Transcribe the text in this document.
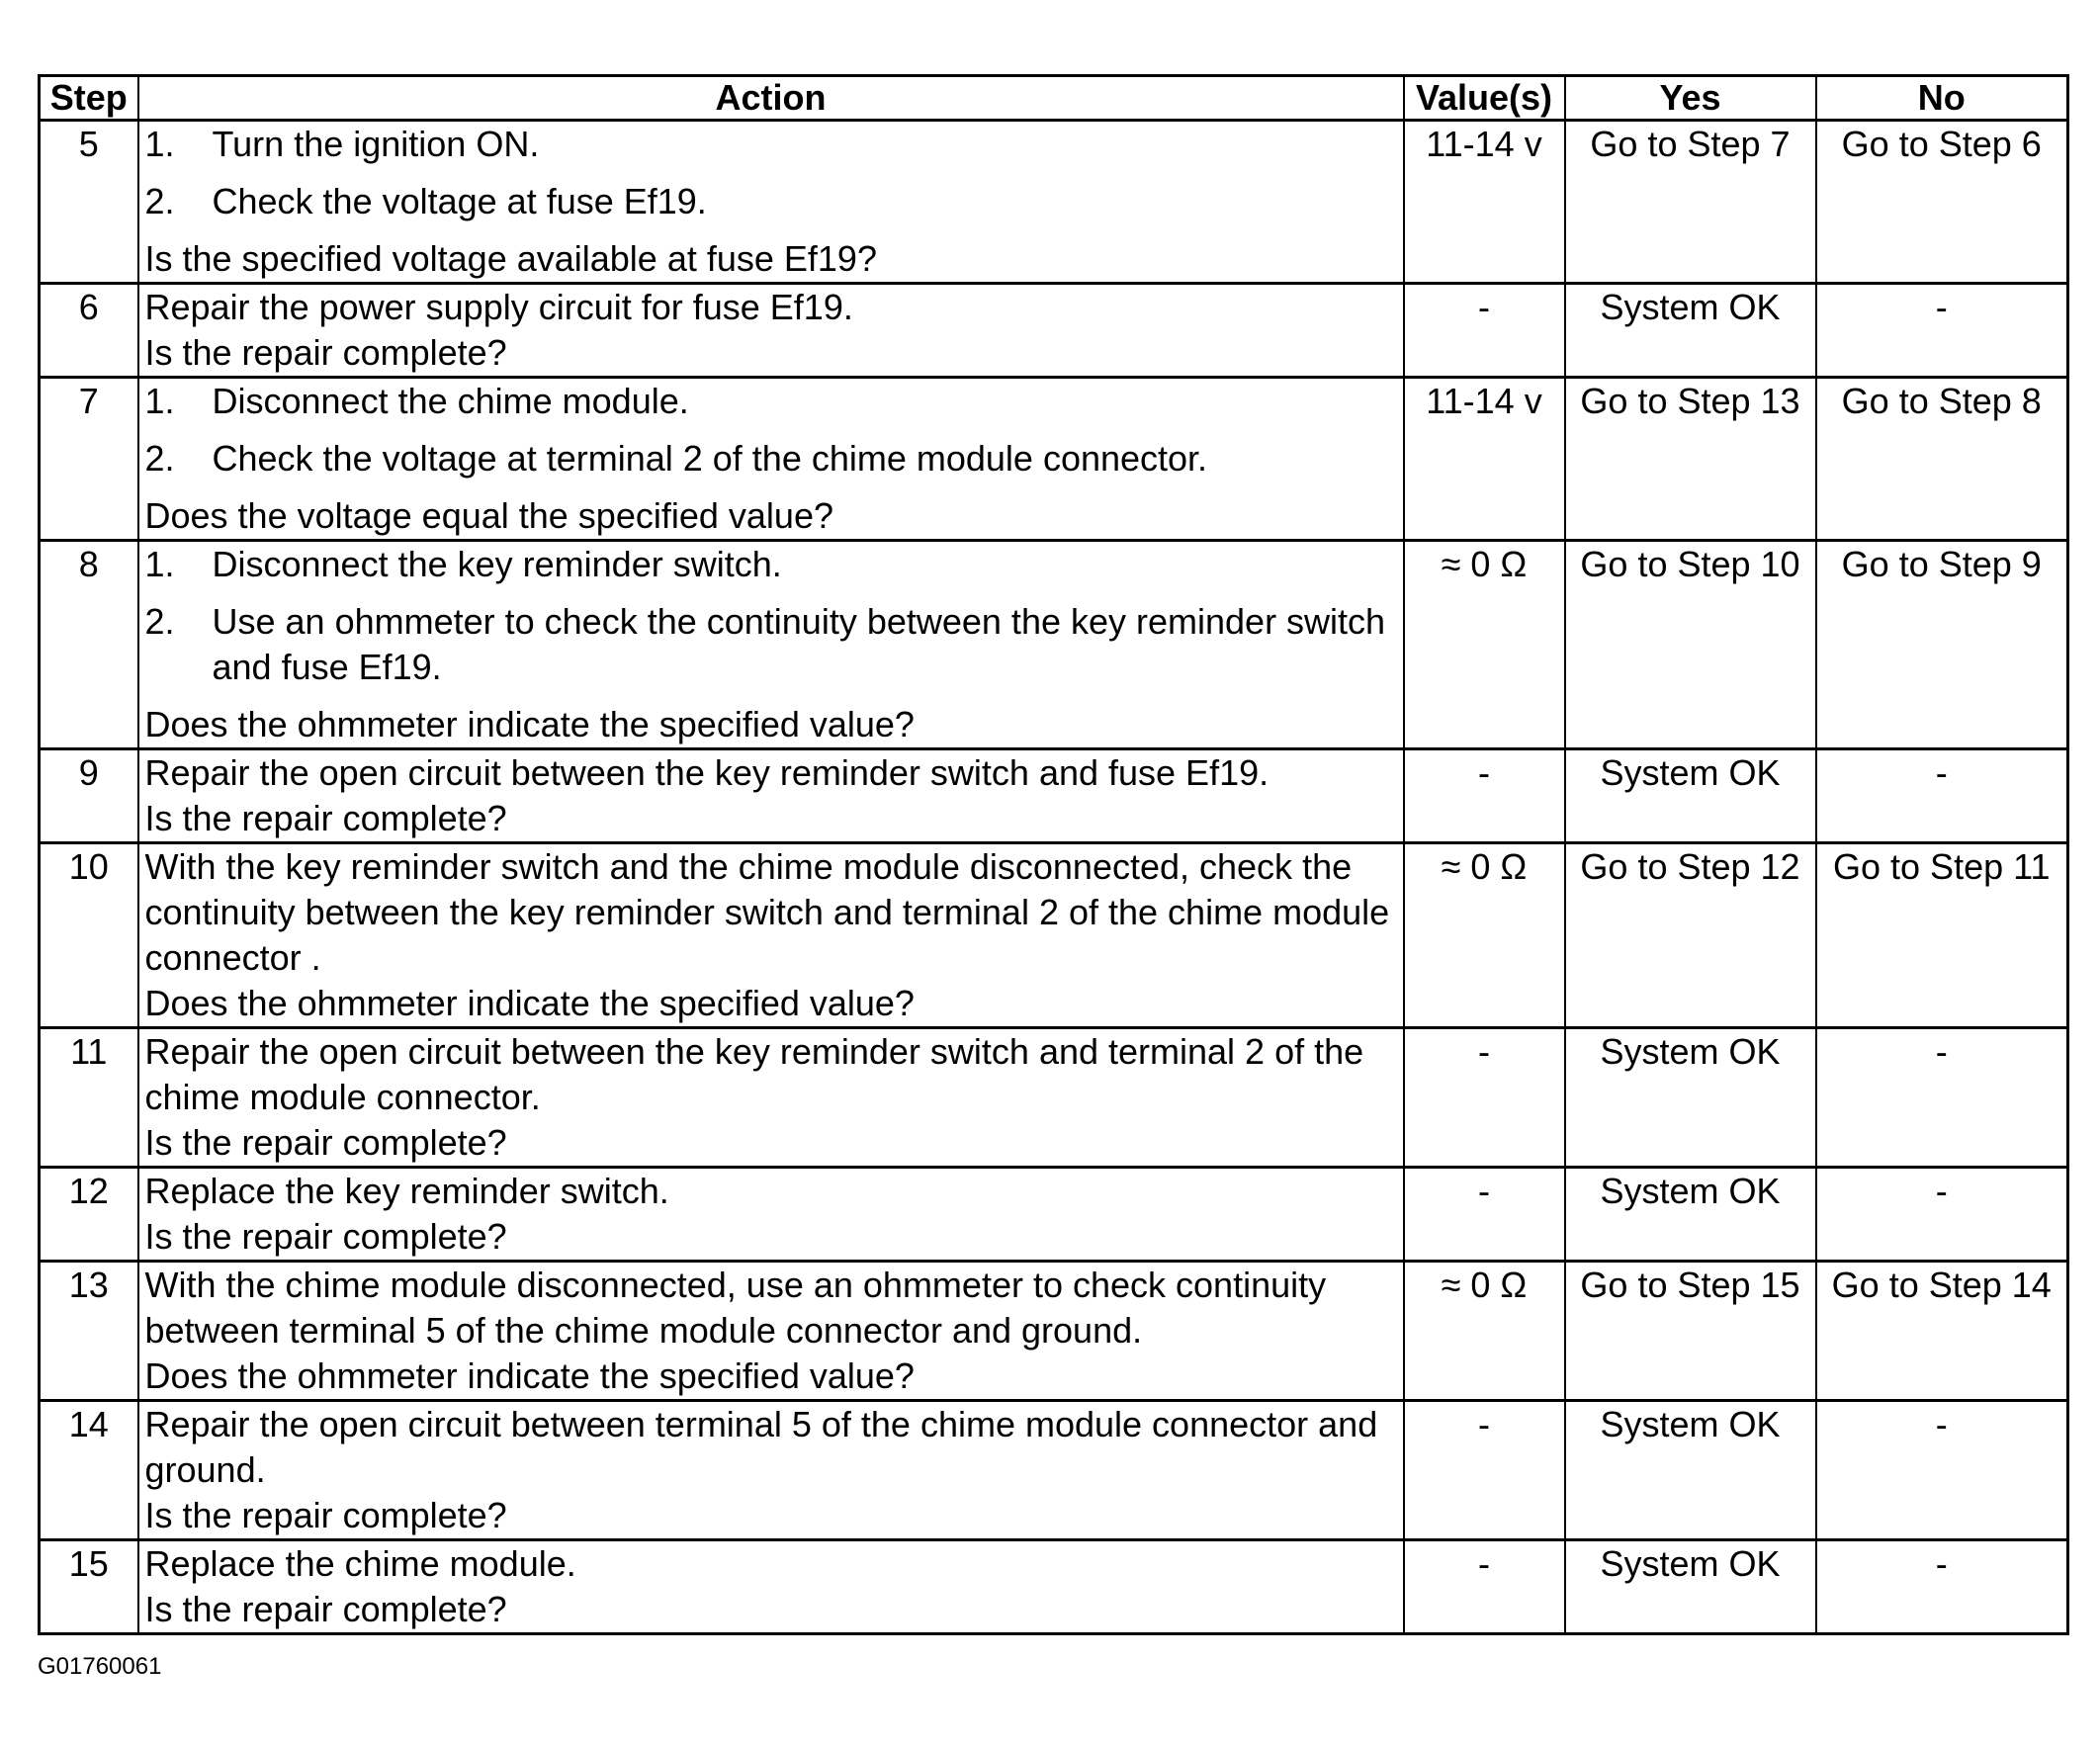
Step	Action	Value(s)	Yes	No
5	1. Turn the ignition ON.
2. Check the voltage at fuse Ef19.
Is the specified voltage available at fuse Ef19?	11-14 v	Go to Step 7	Go to Step 6
6	Repair the power supply circuit for fuse Ef19.
Is the repair complete?	-	System OK	-
7	1. Disconnect the chime module.
2. Check the voltage at terminal 2 of the chime module connector.
Does the voltage equal the specified value?	11-14 v	Go to Step 13	Go to Step 8
8	1. Disconnect the key reminder switch.
2. Use an ohmmeter to check the continuity between the key reminder switch and fuse Ef19.
Does the ohmmeter indicate the specified value?	≈ 0 Ω	Go to Step 10	Go to Step 9
9	Repair the open circuit between the key reminder switch and fuse Ef19.
Is the repair complete?	-	System OK	-
10	With the key reminder switch and the chime module disconnected, check the continuity between the key reminder switch and terminal 2 of the chime module connector .
Does the ohmmeter indicate the specified value?	≈ 0 Ω	Go to Step 12	Go to Step 11
11	Repair the open circuit between the key reminder switch and terminal 2 of the chime module connector.
Is the repair complete?	-	System OK	-
12	Replace the key reminder switch.
Is the repair complete?	-	System OK	-
13	With the chime module disconnected, use an ohmmeter to check continuity between terminal 5 of the chime module connector and ground.
Does the ohmmeter indicate the specified value?	≈ 0 Ω	Go to Step 15	Go to Step 14
14	Repair the open circuit between terminal 5 of the chime module connector and ground.
Is the repair complete?	-	System OK	-
15	Replace the chime module.
Is the repair complete?	-	System OK	-
G01760061
